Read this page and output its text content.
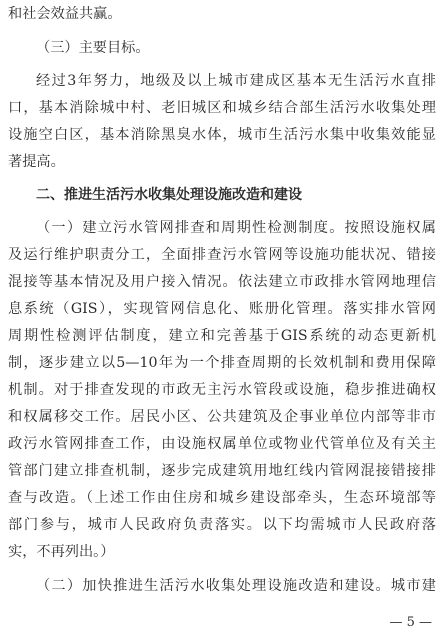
和社会效益共赢。
（三）主要目标。
经过3年努力，地级及以上城市建成区基本无生活污水直排
口，基本消除城中村、老旧城区和城乡结合部生活污水收集处理
设施空白区，基本消除黑臭水体，城市生活污水集中收集效能显
著提高。
二、推进生活污水收集处理设施改造和建设
（一）建立污水管网排查和周期性检测制度。按照设施权属
及运行维护职责分工，全面排查污水管网等设施功能状况、错接
混接等基本情况及用户接入情况。依法建立市政排水管网地理信
息系统（GIS），实现管网信息化、账册化管理。落实排水管网
周期性检测评估制度，建立和完善基于GIS系统的动态更新机
制，逐步建立以5—10年为一个排查周期的长效机制和费用保障
机制。对于排查发现的市政无主污水管段或设施，稳步推进确权
和权属移交工作。居民小区、公共建筑及企事业单位内部等非市
政污水管网排查工作，由设施权属单位或物业代管单位及有关主
管部门建立排查机制，逐步完成建筑用地红线内管网混接错接排
查与改造。（上述工作由住房和城乡建设部牵头，生态环境部等
部门参与，城市人民政府负责落实。以下均需城市人民政府落
实，不再列出。）
（二）加快推进生活污水收集处理设施改造和建设。城市建
— 5 —
